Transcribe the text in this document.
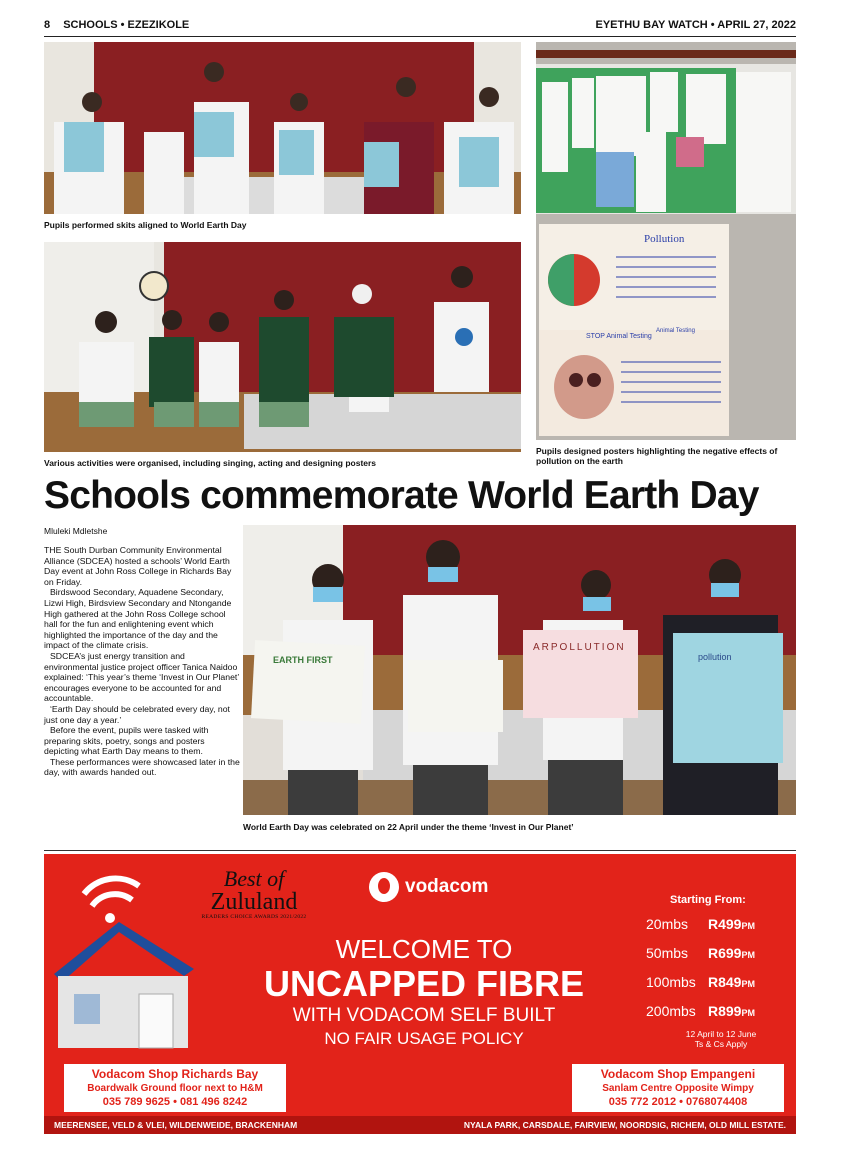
8 SCHOOLS • EZEZIKOLE	EYETHU BAY WATCH • APRIL 27, 2022
Pupils performed skits aligned to World Earth Day
Various activities were organised, including singing, acting and designing posters
Pollution
STOP Animal Testing
Animal Testing
Pupils designed posters highlighting the negative effects of pollution on the earth
Schools commemorate World Earth Day
Mluleki Mdletshe

THE South Durban Community Environmental Alliance (SDCEA) hosted a schools’ World Earth Day event at John Ross College in Richards Bay on Friday.

Birdswood Secondary, Aquadene Secondary, Lizwi High, Birdsview Secondary and Ntongande High gathered at the John Ross College school hall for the fun and enlightening event which highlighted the importance of the day and the impact of the climate crisis.

SDCEA’s just energy transition and environmental justice project officer Tanica Naidoo explained: ‘This year’s theme ‘Invest in Our Planet’ encourages everyone to be accounted for and accountable.

‘Earth Day should be celebrated every day, not just one day a year.’

Before the event, pupils were tasked with preparing skits, poetry, songs and posters depicting what Earth Day means to them.

These performances were showcased later in the day, with awards handed out.

EARTH FIRST
ARPOLLUTION
pollution
World Earth Day was celebrated on 22 April under the theme ‘Invest in Our Planet’
Best of
Zululand
READERS CHOICE AWARDS 2021/2022
vodacom
WELCOME TO
UNCAPPED FIBRE
WITH VODACOM SELF BUILT
NO FAIR USAGE POLICY
Starting From:
20mbs	R499PM
50mbs	R699PM
100mbs R849PM
200mbs R899PM
12 April to 12 June
Ts & Cs Apply
Vodacom Shop Richards Bay
Boardwalk Ground floor next to H&M
035 789 9625 • 081 496 8242
Vodacom Shop Empangeni
Sanlam Centre Opposite Wimpy
035 772 2012 • 0768074408
MEERENSEE, VELD & VLEI, WILDENWEIDE, BRACKENHAM	NYALA PARK, CARSDALE, FAIRVIEW, NOORDSIG, RICHEM, OLD MILL ESTATE.
